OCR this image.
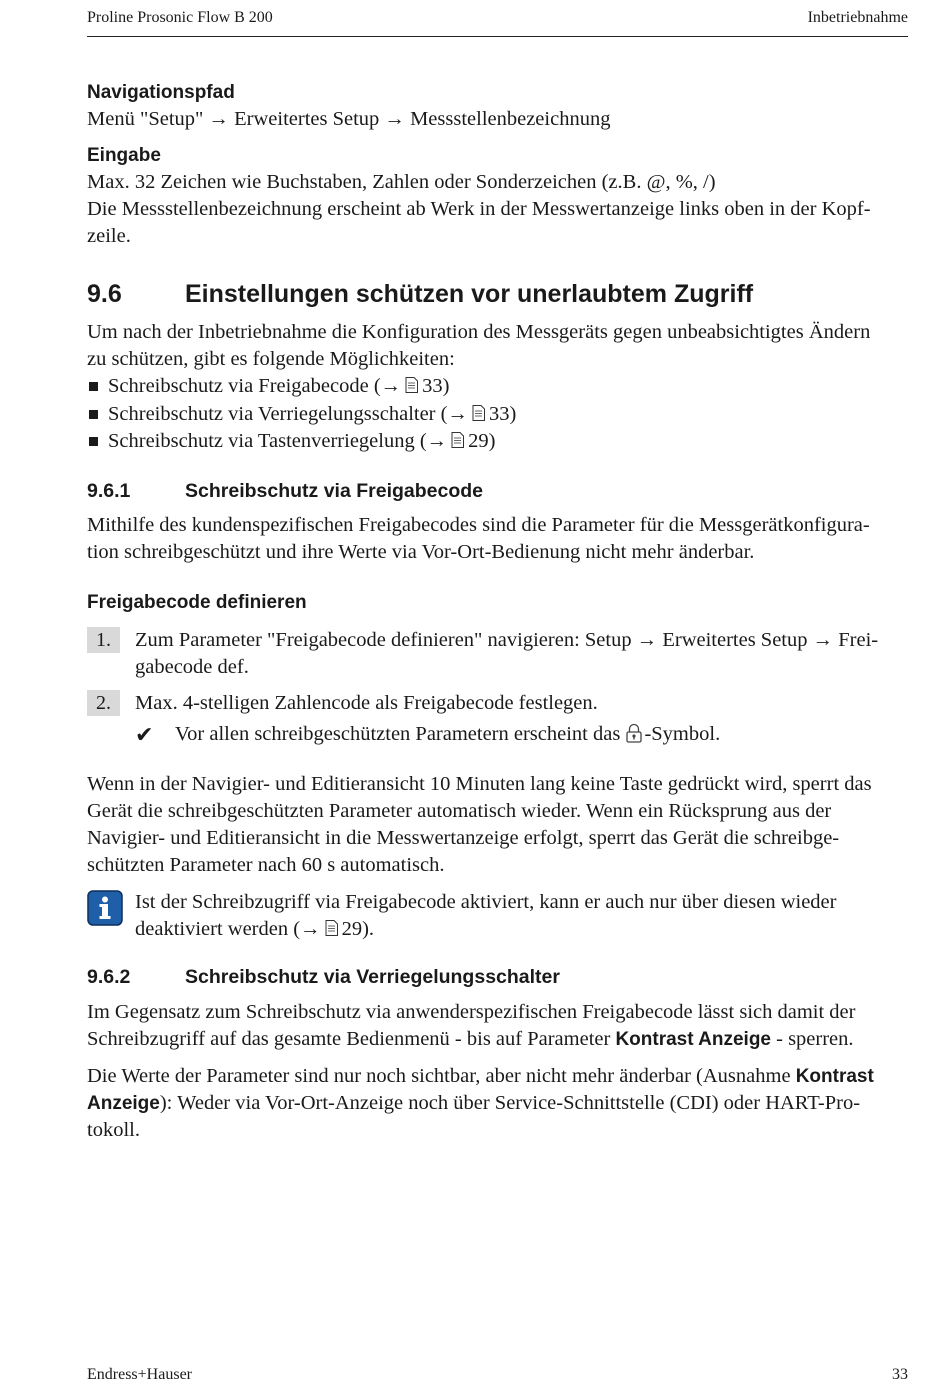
Proline Prosonic Flow B 200	Inbetriebnahme
Navigationspfad
Menü "Setup" → Erweitertes Setup → Messstellenbezeichnung
Eingabe
Max. 32 Zeichen wie Buchstaben, Zahlen oder Sonderzeichen (z.B. @, %, /)
Die Messstellenbezeichnung erscheint ab Werk in der Messwertanzeige links oben in der Kopf-
zeile.
9.6	Einstellungen schützen vor unerlaubtem Zugriff
Um nach der Inbetriebnahme die Konfiguration des Messgeräts gegen unbeabsichtigtes Ändern
zu schützen, gibt es folgende Möglichkeiten:
Schreibschutz via Freigabecode (→ 33)
Schreibschutz via Verriegelungsschalter (→ 33)
Schreibschutz via Tastenverriegelung (→ 29)
9.6.1	Schreibschutz via Freigabecode
Mithilfe des kundenspezifischen Freigabecodes sind die Parameter für die Messgerätkonfigura-
tion schreibgeschützt und ihre Werte via Vor-Ort-Bedienung nicht mehr änderbar.
Freigabecode definieren
1.	Zum Parameter "Freigabecode definieren" navigieren: Setup → Erweitertes Setup → Frei-
gabecode def.
2.	Max. 4-stelligen Zahlencode als Freigabecode festlegen.
✔ Vor allen schreibgeschützten Parametern erscheint das -Symbol.
Wenn in der Navigier- und Editieransicht 10 Minuten lang keine Taste gedrückt wird, sperrt das
Gerät die schreibgeschützten Parameter automatisch wieder. Wenn ein Rücksprung aus der
Navigier- und Editieransicht in die Messwertanzeige erfolgt, sperrt das Gerät die schreibge-
schützten Parameter nach 60 s automatisch.
Ist der Schreibzugriff via Freigabecode aktiviert, kann er auch nur über diesen wieder
deaktiviert werden (→ 29).
9.6.2	Schreibschutz via Verriegelungsschalter
Im Gegensatz zum Schreibschutz via anwenderspezifischen Freigabecode lässt sich damit der
Schreibzugriff auf das gesamte Bedienmenü - bis auf Parameter Kontrast Anzeige - sperren.
Die Werte der Parameter sind nur noch sichtbar, aber nicht mehr änderbar (Ausnahme Kontrast
Anzeige): Weder via Vor-Ort-Anzeige noch über Service-Schnittstelle (CDI) oder HART-Pro-
tokoll.
Endress+Hauser	33
